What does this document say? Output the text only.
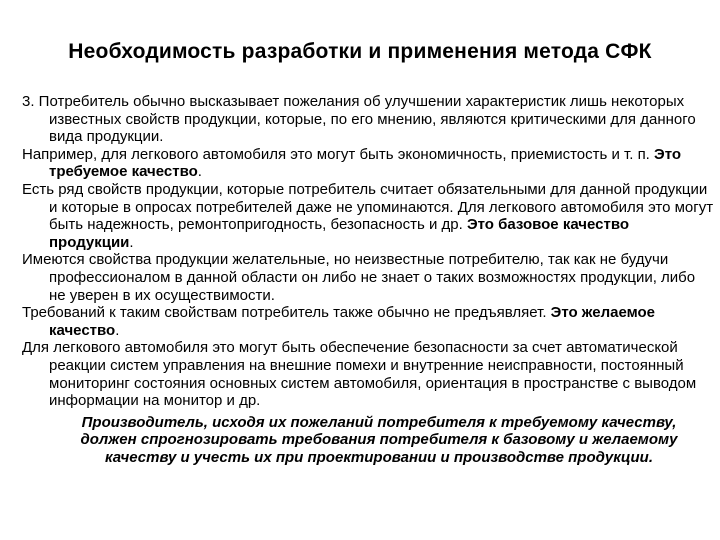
Необходимость разработки и применения метода СФК

3. Потребитель обычно высказывает пожелания об улучшении характеристик лишь некоторых известных свойств продукции, которые, по его мнению, являются критическими для данного вида продукции.

Например, для легкового автомобиля это могут быть экономичность, приемистость и т. п. Это требуемое качество.

Есть ряд свойств продукции, которые потребитель считает обязательными для данной продукции и которые в опросах потребителей даже не упоминаются. Для легкового автомобиля это могут быть надежность, ремонтопригодность, безопасность и др. Это базовое качество продукции.

Имеются свойства продукции желательные, но неизвестные потребителю, так как не будучи профессионалом в данной области он либо не знает о таких возможностях продукции, либо не уверен в их осуществимости.

Требований к таким свойствам потребитель также обычно не предъявляет. Это желаемое качество.

Для легкового автомобиля это могут быть обеспечение безопасности за счет автоматической реакции систем управления на внешние помехи и внутренние неисправности, постоянный мониторинг состояния основных систем автомобиля, ориентация в пространстве с выводом информации на монитор и др.

Производитель, исходя их пожеланий потребителя к требуемому качеству, должен спрогнозировать требования потребителя к базовому и желаемому качеству и учесть их при проектировании и производстве продукции.
